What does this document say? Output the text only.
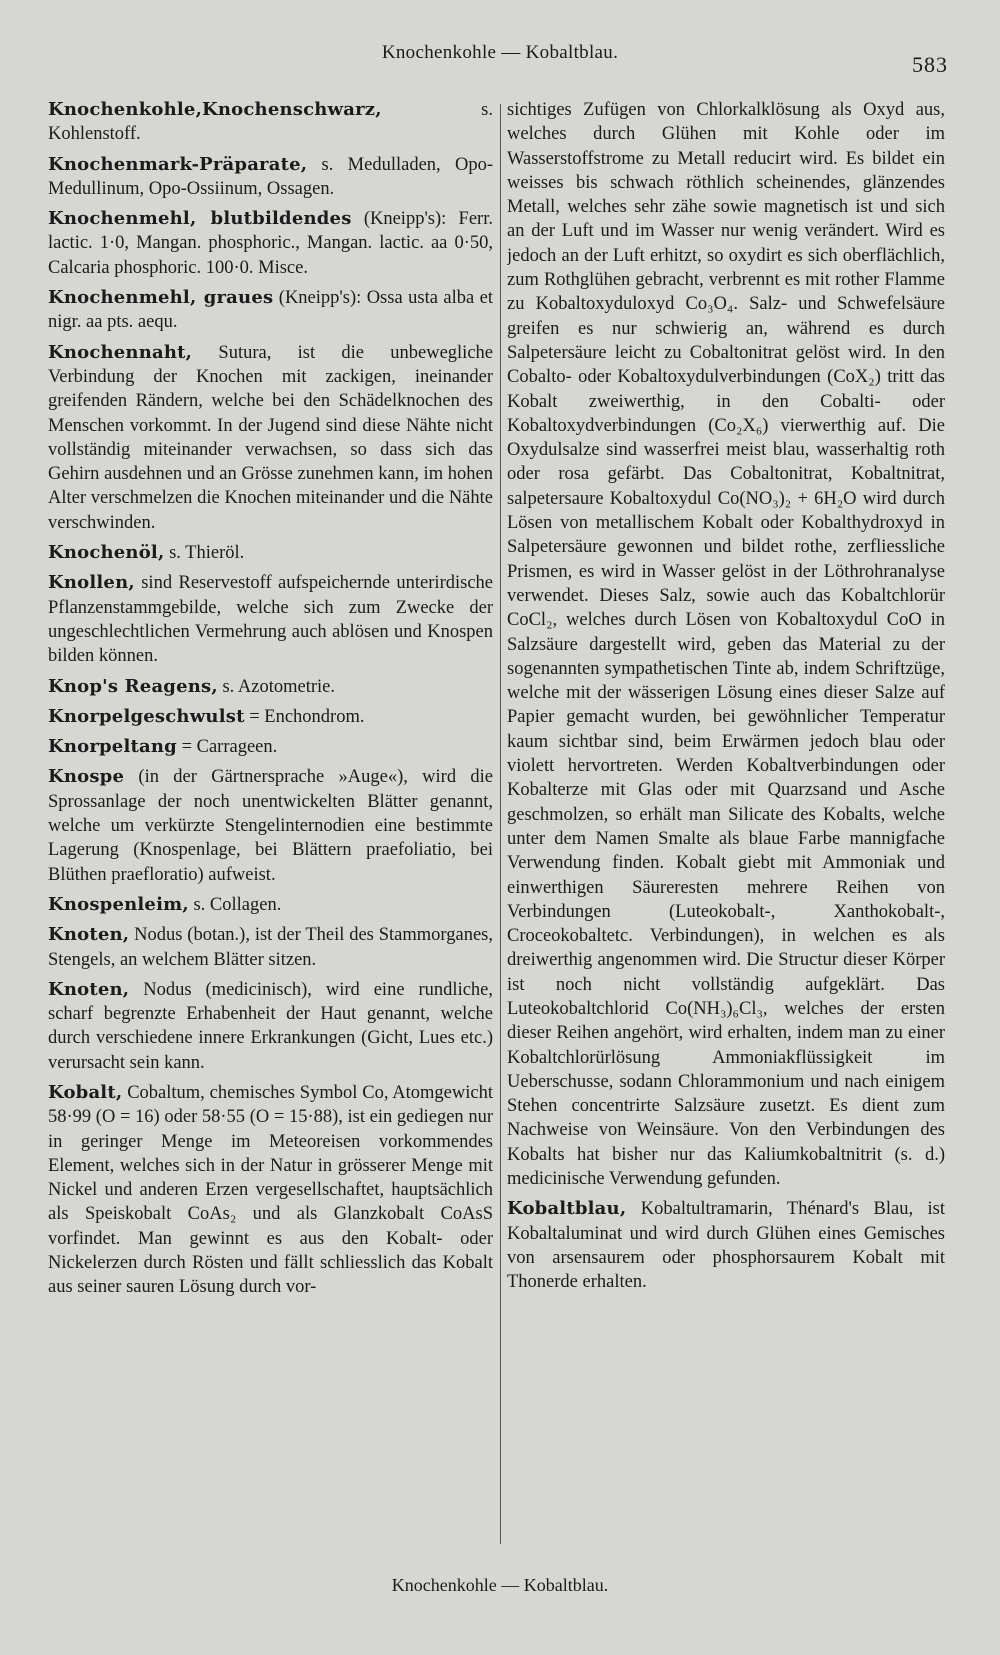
Knochenkohle — Kobaltblau.	583

Knochenkohle,Knochenschwarz, s. Kohlenstoff.

Knochenmark-Präparate, s. Medulladen, Opo-Medullinum, Opo-Ossiinum, Ossagen.

Knochenmehl, blutbildendes (Kneipp's): Ferr. lactic. 1·0, Mangan. phosphoric., Mangan. lactic. aa 0·50, Calcaria phosphoric. 100·0. Misce.

Knochenmehl, graues (Kneipp's): Ossa usta alba et nigr. aa pts. aequ.

Knochennaht, Sutura, ist die unbewegliche Verbindung der Knochen mit zackigen, ineinander greifenden Rändern, welche bei den Schädelknochen des Menschen vorkommt. In der Jugend sind diese Nähte nicht vollständig miteinander verwachsen, so dass sich das Gehirn ausdehnen und an Grösse zunehmen kann, im hohen Alter verschmelzen die Knochen miteinander und die Nähte verschwinden.

Knochenöl, s. Thieröl.

Knollen, sind Reservestoff aufspeichernde unterirdische Pflanzenstammgebilde, welche sich zum Zwecke der ungeschlechtlichen Vermehrung auch ablösen und Knospen bilden können.

Knop's Reagens, s. Azotometrie.

Knorpelgeschwulst = Enchondrom.

Knorpeltang = Carrageen.

Knospe (in der Gärtnersprache »Auge«), wird die Sprossanlage der noch unentwickelten Blätter genannt, welche um verkürzte Stengelinternodien eine bestimmte Lagerung (Knospenlage, bei Blättern praefoliatio, bei Blüthen praefloratio) aufweist.

Knospenleim, s. Collagen.

Knoten, Nodus (botan.), ist der Theil des Stammorganes, Stengels, an welchem Blätter sitzen.

Knoten, Nodus (medicinisch), wird eine rundliche, scharf begrenzte Erhabenheit der Haut genannt, welche durch verschiedene innere Erkrankungen (Gicht, Lues etc.) verursacht sein kann.

Kobalt, Cobaltum, chemisches Symbol Co, Atomgewicht 58·99 (O = 16) oder 58·55 (O = 15·88), ist ein gediegen nur in geringer Menge im Meteoreisen vorkommendes Element, welches sich in der Natur in grösserer Menge mit Nickel und anderen Erzen vergesellschaftet, hauptsächlich als Speiskobalt CoAs₂ und als Glanzkobalt CoAsS vorfindet. Man gewinnt es aus den Kobalt- oder Nickelerzen durch Rösten und fällt schliesslich das Kobalt aus seiner sauren Lösung durch vor-

sichtiges Zufügen von Chlorkalklösung als Oxyd aus, welches durch Glühen mit Kohle oder im Wasserstoffstrome zu Metall reducirt wird. Es bildet ein weisses bis schwach röthlich scheinendes, glänzendes Metall, welches sehr zähe sowie magnetisch ist und sich an der Luft und im Wasser nur wenig verändert. Wird es jedoch an der Luft erhitzt, so oxydirt es sich oberflächlich, zum Rothglühen gebracht, verbrennt es mit rother Flamme zu Kobaltoxyduloxyd Co₃O₄. Salz- und Schwefelsäure greifen es nur schwierig an, während es durch Salpetersäure leicht zu Cobaltonitrat gelöst wird. In den Cobalto- oder Kobaltoxydulverbindungen (CoX₂) tritt das Kobalt zweiwerthig, in den Cobalti- oder Kobaltoxydverbindungen (Co₂X₆) vierwerthig auf. Die Oxydulsalze sind wasserfrei meist blau, wasserhaltig roth oder rosa gefärbt. Das Cobaltonitrat, Kobaltnitrat, salpetersaure Kobaltoxydul Co(NO₃)₂ + 6H₂O wird durch Lösen von metallischem Kobalt oder Kobalthydroxyd in Salpetersäure gewonnen und bildet rothe, zerfliessliche Prismen, es wird in Wasser gelöst in der Löthrohranalyse verwendet. Dieses Salz, sowie auch das Kobaltchlorür CoCl₂, welches durch Lösen von Kobaltoxydul CoO in Salzsäure dargestellt wird, geben das Material zu der sogenannten sympathetischen Tinte ab, indem Schriftzüge, welche mit der wässerigen Lösung eines dieser Salze auf Papier gemacht wurden, bei gewöhnlicher Temperatur kaum sichtbar sind, beim Erwärmen jedoch blau oder violett hervortreten. Werden Kobaltverbindungen oder Kobalterze mit Glas oder mit Quarzsand und Asche geschmolzen, so erhält man Silicate des Kobalts, welche unter dem Namen Smalte als blaue Farbe mannigfache Verwendung finden. Kobalt giebt mit Ammoniak und einwerthigen Säureresten mehrere Reihen von Verbindungen (Luteokobalt-, Xanthokobalt-, Croceokobaltetc. Verbindungen), in welchen es als dreiwerthig angenommen wird. Die Structur dieser Körper ist noch nicht vollständig aufgeklärt. Das Luteokobaltchlorid Co(NH₃)₆Cl₃, welches der ersten dieser Reihen angehört, wird erhalten, indem man zu einer Kobaltchlorürlösung Ammoniakflüssigkeit im Ueberschusse, sodann Chlorammonium und nach einigem Stehen concentrirte Salzsäure zusetzt. Es dient zum Nachweise von Weinsäure. Von den Verbindungen des Kobalts hat bisher nur das Kaliumkobaltnitrit (s. d.) medicinische Verwendung gefunden.

Kobaltblau, Kobaltultramarin, Thénard's Blau, ist Kobaltaluminat und wird durch Glühen eines Gemisches von arsensaurem oder phosphorsaurem Kobalt mit Thonerde erhalten.

Knochenkohle — Kobaltblau.
